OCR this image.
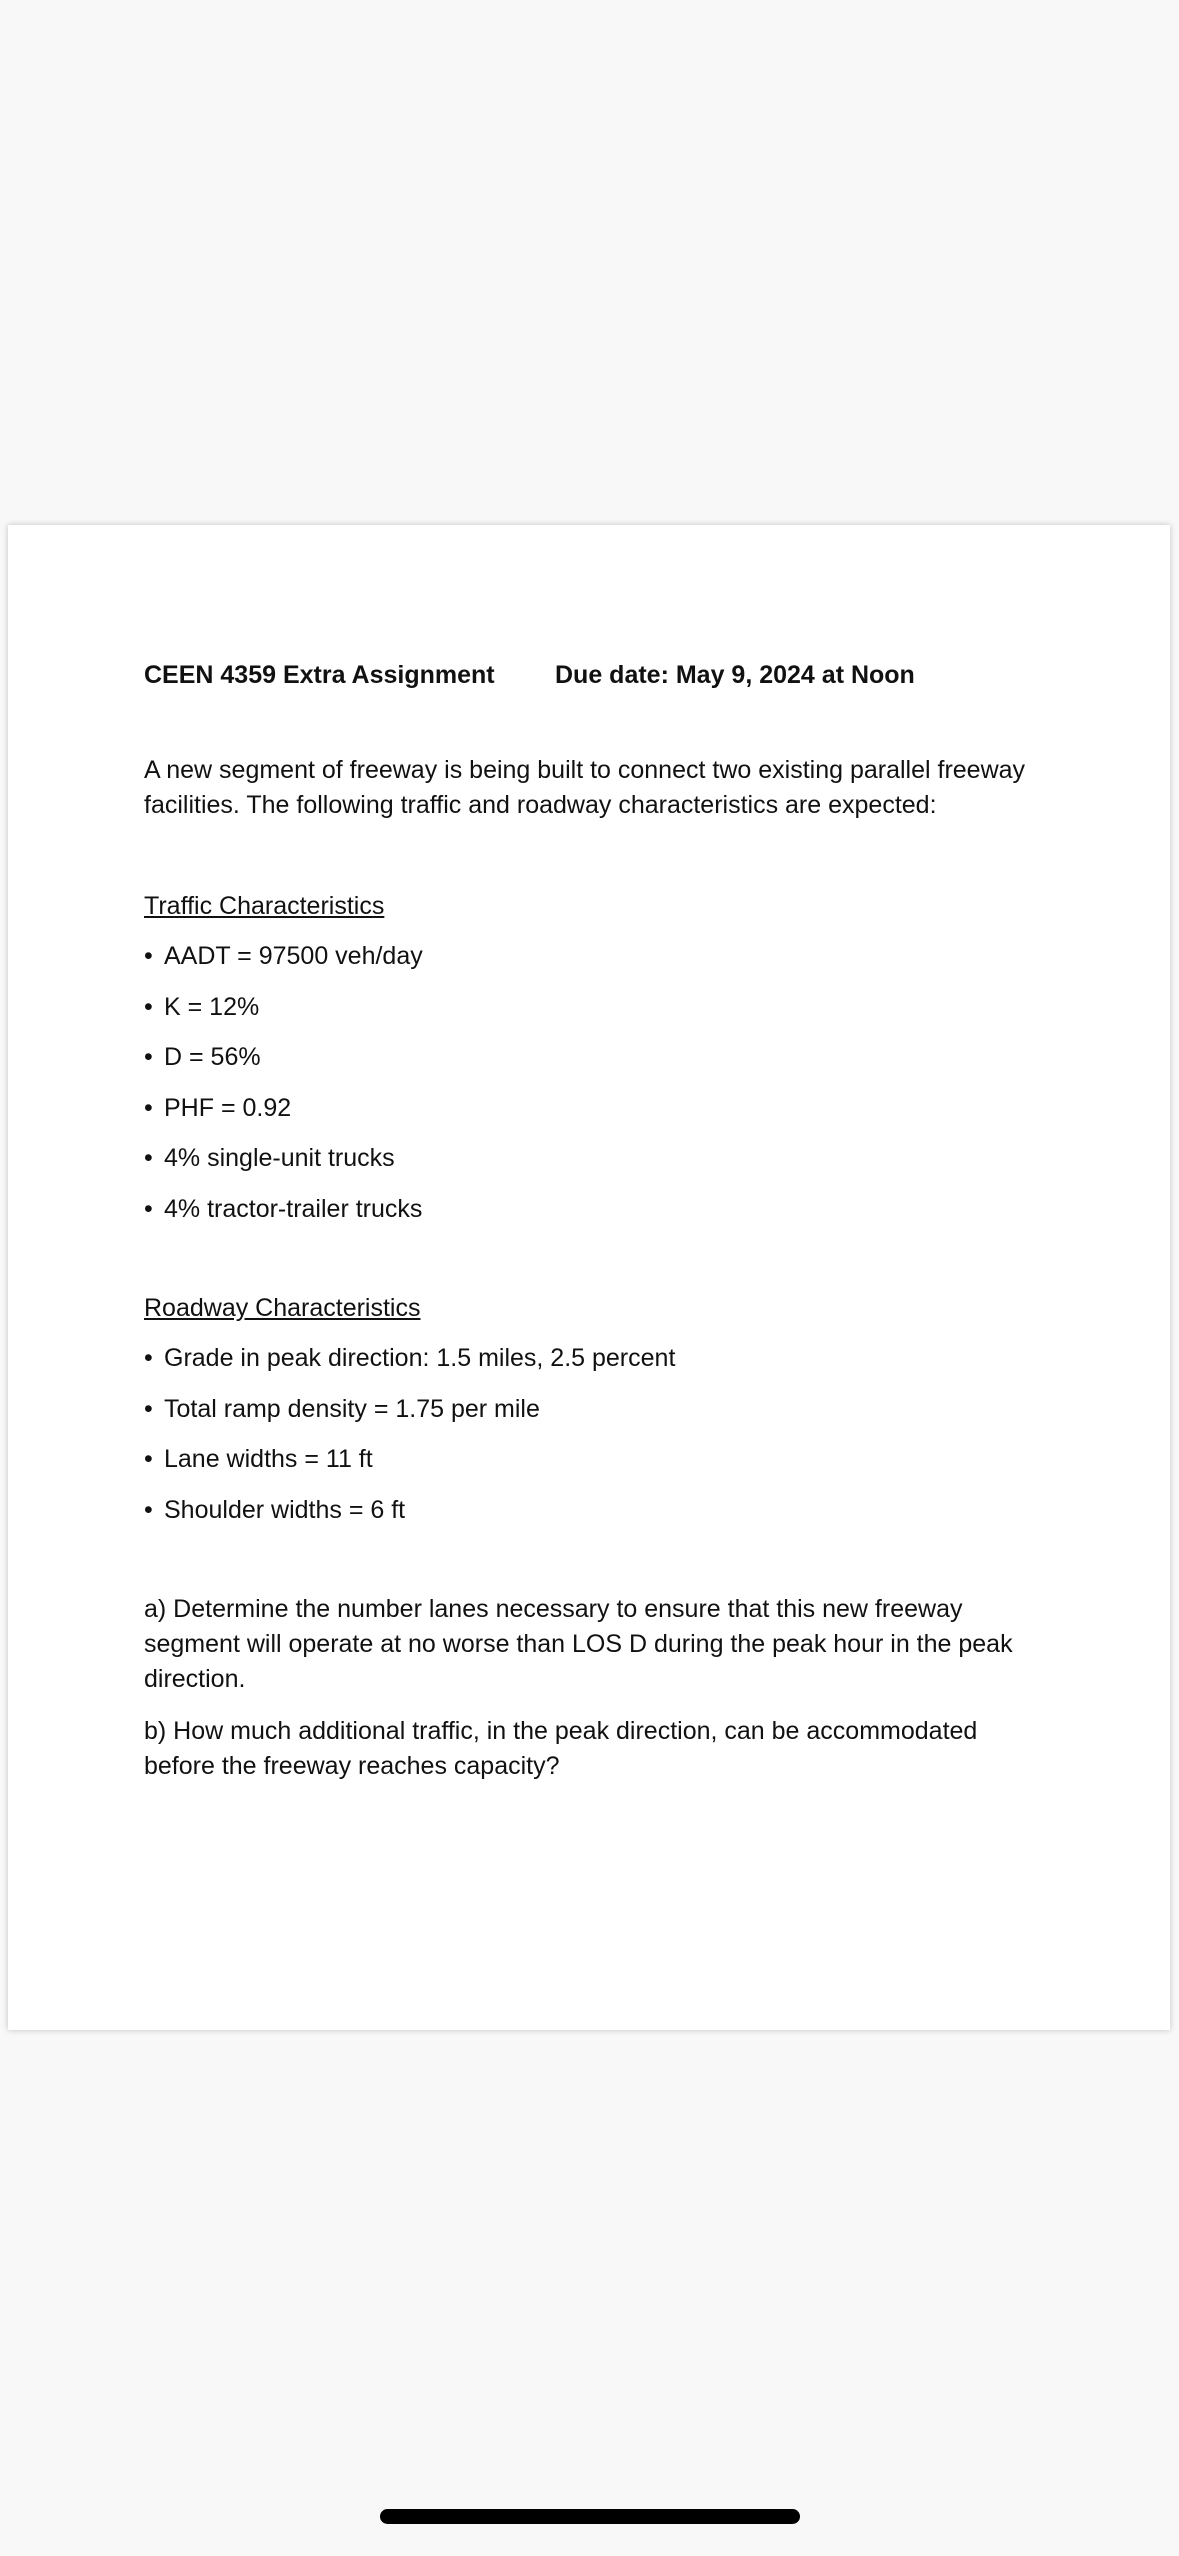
CEEN 4359 Extra Assignment Due date: May 9, 2024 at Noon

A new segment of freeway is being built to connect two existing parallel freeway facilities. The following traffic and roadway characteristics are expected:

Traffic Characteristics
• AADT = 97500 veh/day
• K = 12%
• D = 56%
• PHF = 0.92
• 4% single-unit trucks
• 4% tractor-trailer trucks
Roadway Characteristics
• Grade in peak direction: 1.5 miles, 2.5 percent
• Total ramp density = 1.75 per mile
• Lane widths = 11 ft
• Shoulder widths = 6 ft

a) Determine the number lanes necessary to ensure that this new freeway segment will operate at no worse than LOS D during the peak hour in the peak direction.

b) How much additional traffic, in the peak direction, can be accommodated before the freeway reaches capacity?
